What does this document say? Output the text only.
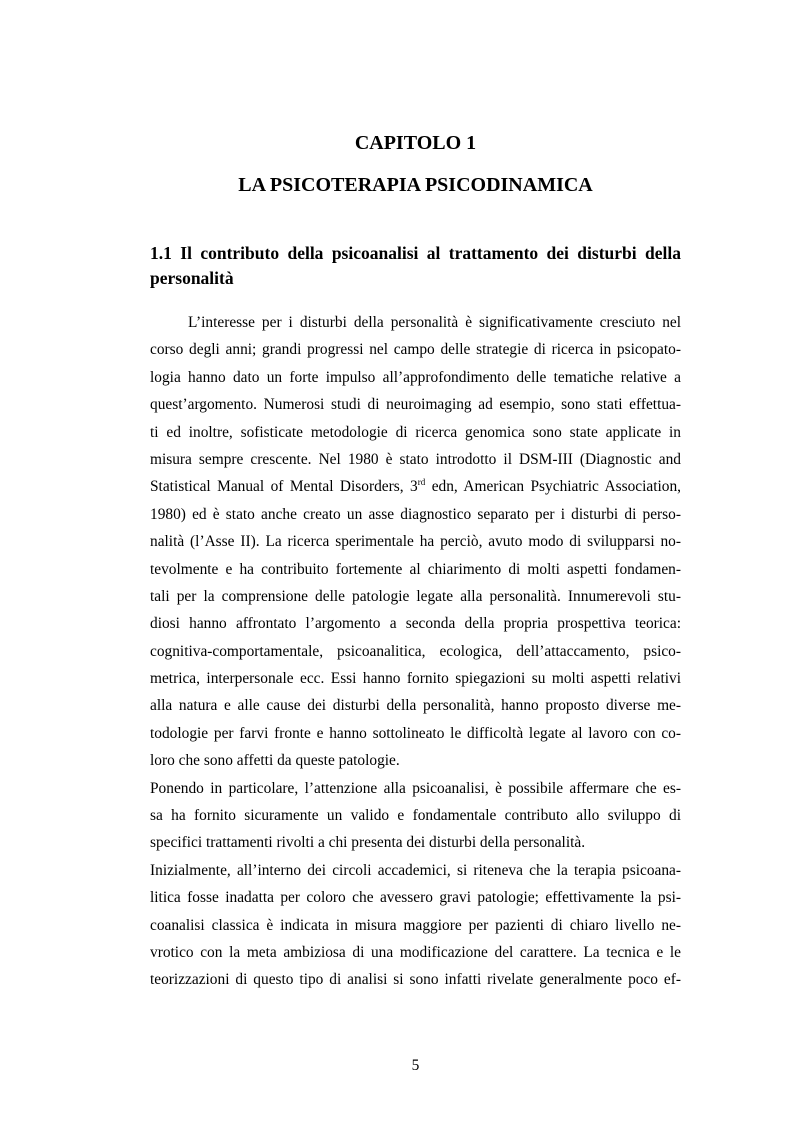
CAPITOLO 1
LA PSICOTERAPIA PSICODINAMICA
1.1 Il contributo della psicoanalisi al trattamento dei disturbi della
personalità
L’interesse per i disturbi della personalità è significativamente cresciuto nel
corso degli anni; grandi progressi nel campo delle strategie di ricerca in psicopato-
logia hanno dato un forte impulso all’approfondimento delle tematiche relative a
quest’argomento. Numerosi studi di neuroimaging ad esempio, sono stati effettua-
ti ed inoltre, sofisticate metodologie di ricerca genomica sono state applicate in
misura sempre crescente. Nel 1980 è stato introdotto il DSM-III (Diagnostic and
Statistical Manual of Mental Disorders, 3rd edn, American Psychiatric Association,
1980) ed è stato anche creato un asse diagnostico separato per i disturbi di perso-
nalità (l’Asse II). La ricerca sperimentale ha perciò, avuto modo di svilupparsi no-
tevolmente e ha contribuito fortemente al chiarimento di molti aspetti fondamen-
tali per la comprensione delle patologie legate alla personalità. Innumerevoli stu-
diosi hanno affrontato l’argomento a seconda della propria prospettiva teorica:
cognitiva-comportamentale, psicoanalitica, ecologica, dell’attaccamento, psico-
metrica, interpersonale ecc. Essi hanno fornito spiegazioni su molti aspetti relativi
alla natura e alle cause dei disturbi della personalità, hanno proposto diverse me-
todologie per farvi fronte e hanno sottolineato le difficoltà legate al lavoro con co-
loro che sono affetti da queste patologie.
Ponendo in particolare, l’attenzione alla psicoanalisi, è possibile affermare che es-
sa ha fornito sicuramente un valido e fondamentale contributo allo sviluppo di
specifici trattamenti rivolti a chi presenta dei disturbi della personalità.
Inizialmente, all’interno dei circoli accademici, si riteneva che la terapia psicoana-
litica fosse inadatta per coloro che avessero gravi patologie; effettivamente la psi-
coanalisi classica è indicata in misura maggiore per pazienti di chiaro livello ne-
vrotico con la meta ambiziosa di una modificazione del carattere. La tecnica e le
teorizzazioni di questo tipo di analisi si sono infatti rivelate generalmente poco ef-
5
